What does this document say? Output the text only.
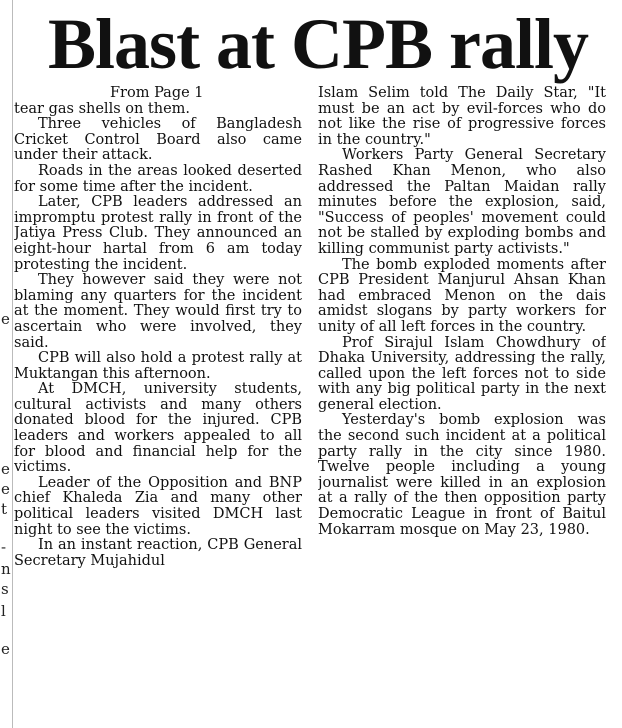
e
e
e
t
-
n
s
l
e
Blast at CPB rally
From Page 1

tear gas shells on them.

Three vehicles of Bangladesh Cricket Control Board also came under their attack.

Roads in the areas looked deserted for some time after the incident.

Later, CPB leaders addressed an impromptu protest rally in front of the Jatiya Press Club. They announced an eight-hour hartal from 6 am today protesting the incident.

They however said they were not blaming any quarters for the incident at the moment. They would first try to ascertain who were involved, they said.

CPB will also hold a protest rally at Muktangan this afternoon.

At DMCH, university students, cultural activists and many others donated blood for the injured. CPB leaders and workers appealed to all for blood and financial help for the victims.

Leader of the Opposition and BNP chief Khaleda Zia and many other political leaders visited DMCH last night to see the victims.

In an instant reaction, CPB General Secretary Mujahidul

Islam Selim told The Daily Star, "It must be an act by evil-forces who do not like the rise of progressive forces in the country."

Workers Party General Secretary Rashed Khan Menon, who also addressed the Paltan Maidan rally minutes before the explosion, said, "Success of peoples' movement could not be stalled by exploding bombs and killing communist party activists."

The bomb exploded moments after CPB President Manjurul Ahsan Khan had embraced Menon on the dais amidst slogans by party workers for unity of all left forces in the country.

Prof Sirajul Islam Chowdhury of Dhaka University, addressing the rally, called upon the left forces not to side with any big political party in the next general election.

Yesterday's bomb explosion was the second such incident at a political party rally in the city since 1980. Twelve people including a young journalist were killed in an explosion at a rally of the then opposition party Democratic League in front of Baitul Mokarram mosque on May 23, 1980.
